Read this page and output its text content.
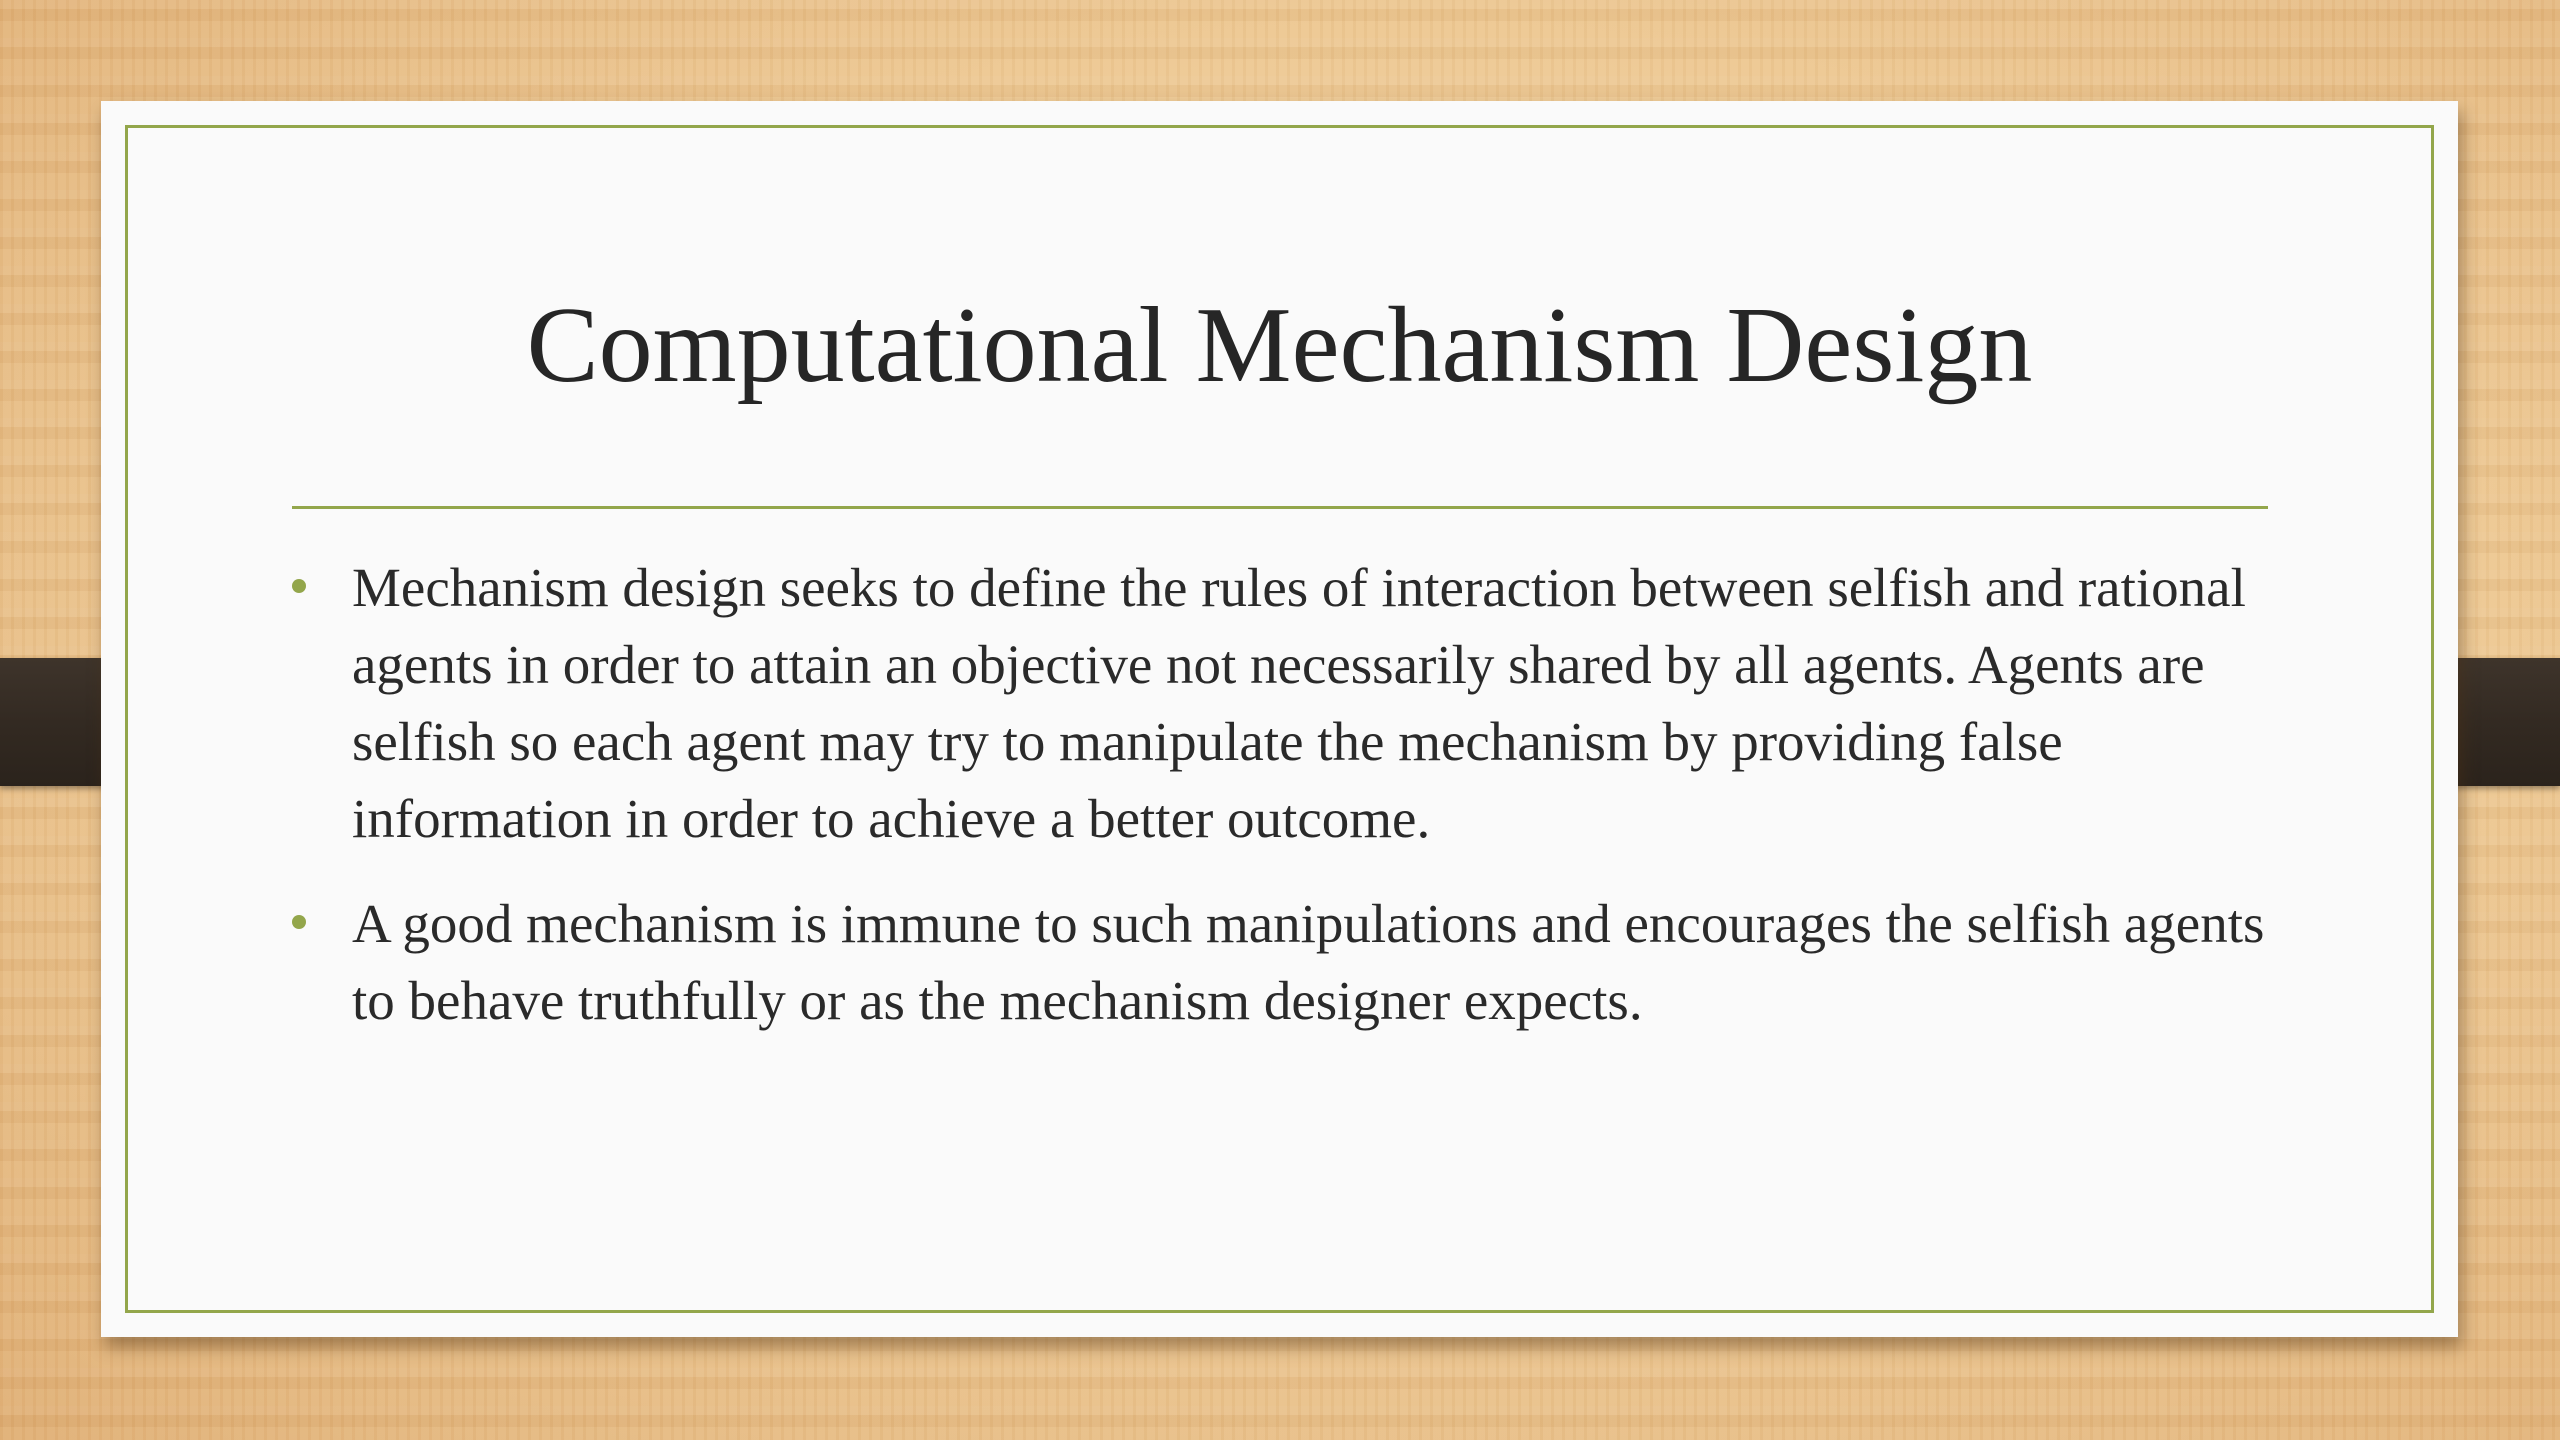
Computational Mechanism Design
Mechanism design seeks to define the rules of interaction between selfish and rational agents in order to attain an objective not necessarily shared by all agents. Agents are selfish so each agent may try to manipulate the mechanism by providing false information in order to achieve a better outcome.
A good mechanism is immune to such manipulations and encourages the selfish agents to behave truthfully or as the mechanism designer expects.
